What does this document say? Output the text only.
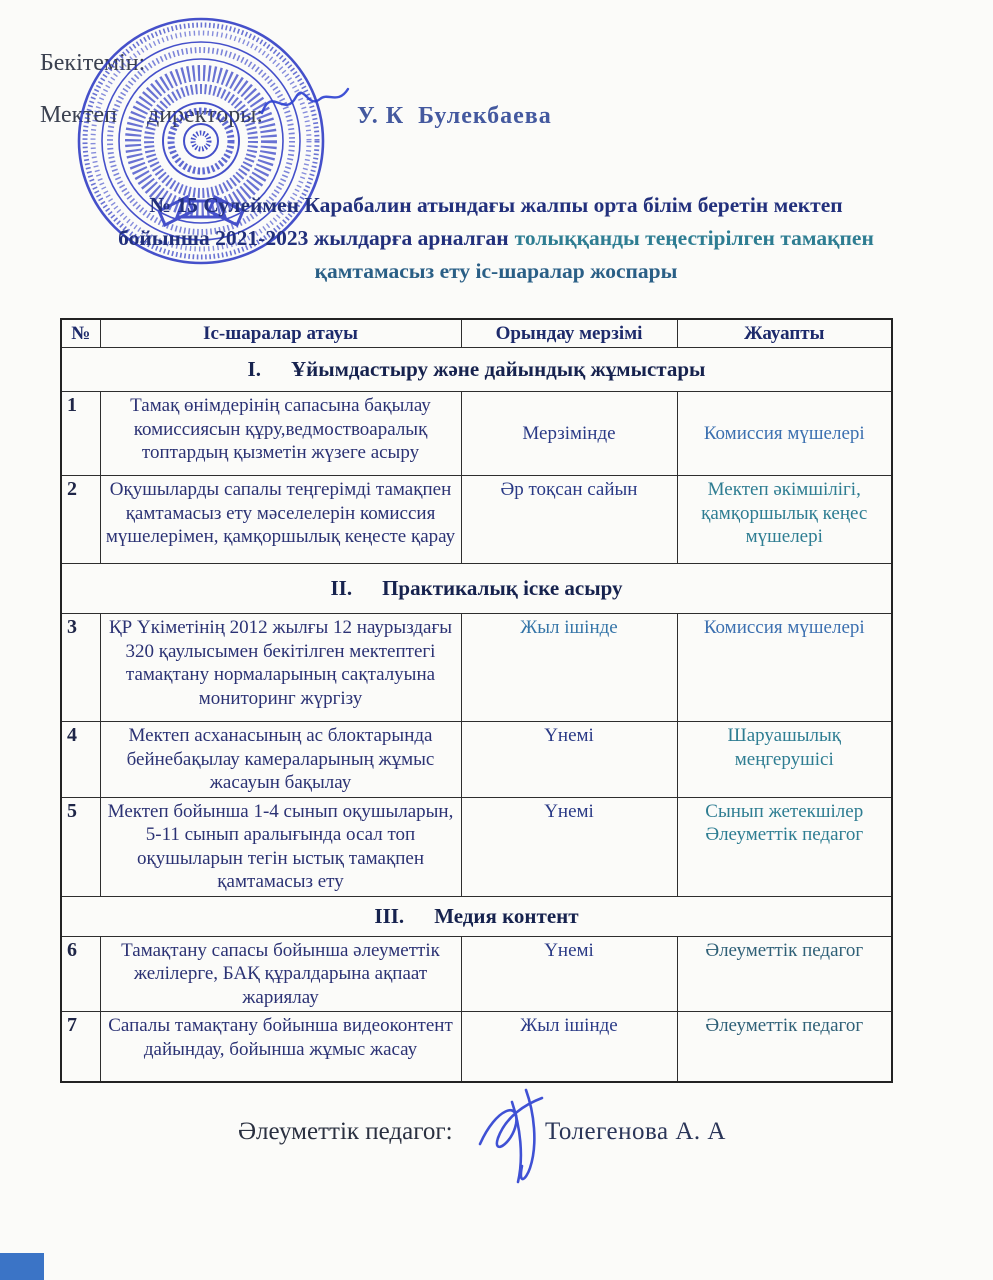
Бекітемін:
Мектеп     директоры:	У. К  Булекбаева
№ 15 Сулеймен Карабалин атындағы жалпы орта білім беретін мектеп
бойынша 2021-2023 жылдарға арналган толыққанды теңестірілген тамақпен
қамтамасыз ету іс-шаралар жоспары
№	Іс-шаралар атауы	Орындау мерзімі	Жауапты
I. Ұйымдастыру және дайындық жұмыстары			
1	Тамақ өнімдерінің сапасына бақылау комиссиясын құру,ведмоствоаралық топтардың қызметін жүзеге асыру	Мерзімінде	Комиссия мүшелері
2	Оқушыларды сапалы теңгерімді тамақпен қамтамасыз ету мәселелерін комиссия мүшелерімен, қамқоршылық кеңесте қарау	Әр тоқсан сайын	Мектеп әкімшілігі, қамқоршылық кеңес мүшелері
II. Практикалық іске асыру			
3	ҚР Үкіметінің 2012 жылғы 12 наурыздағы 320 қаулысымен бекітілген мектептегі тамақтану нормаларының сақталуына мониторинг жүргізу	Жыл ішінде	Комиссия мүшелері
4	Мектеп асханасының ас блоктарында бейнебақылау камераларының жұмыс жасауын бақылау	Үнемі	Шаруашылық меңгерушісі
5	Мектеп бойынша 1-4 сынып оқушыларын, 5-11 сынып аралығында осал топ оқушыларын тегін ыстық тамақпен қамтамасыз ету	Үнемі	Сынып жетекшілер Әлеуметтік педагог
III. Медия контент			
6	Тамақтану сапасы бойынша әлеуметтік желілерге, БАҚ құралдарына ақпаат жариялау	Үнемі	Әлеуметтік педагог
7	Сапалы тамақтану бойынша видеоконтент дайындау, бойынша жұмыс жасау	Жыл ішінде	Әлеуметтік педагог
Әлеуметтік педагог:	Толегенова А. А
